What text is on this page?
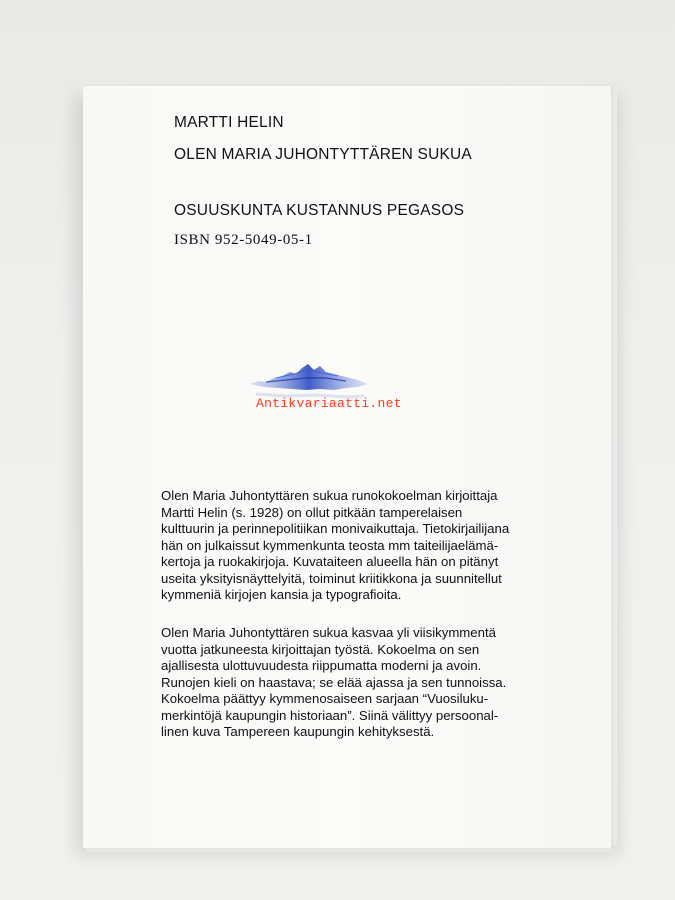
MARTTI HELIN
OLEN MARIA JUHONTYTTÄREN SUKUA
OSUUSKUNTA KUSTANNUS PEGASOS
ISBN 952-5049-05-1
Antikvariaatti.net
Olen Maria Juhontyttären sukua runokokoelman kirjoittaja
Martti Helin (s. 1928) on ollut pitkään tamperelaisen
kulttuurin ja perinnepolitiikan monivaikuttaja. Tietokirjailijana
hän on julkaissut kymmenkunta teosta mm taiteilijaelämä-
kertoja ja ruokakirjoja. Kuvataiteen alueella hän on pitänyt
useita yksityisnäyttelyitä, toiminut kriitikkona ja suunnitellut
kymmeniä kirjojen kansia ja typografioita.
Olen Maria Juhontyttären sukua kasvaa yli viisikymmentä
vuotta jatkuneesta kirjoittajan työstä. Kokoelma on sen
ajallisesta ulottuvuudesta riippumatta moderni ja avoin.
Runojen kieli on haastava; se elää ajassa ja sen tunnoissa.
Kokoelma päättyy kymmenosaiseen sarjaan “Vuosiluku-
merkintöjä kaupungin historiaan”. Siinä välittyy persoonal-
linen kuva Tampereen kaupungin kehityksestä.
